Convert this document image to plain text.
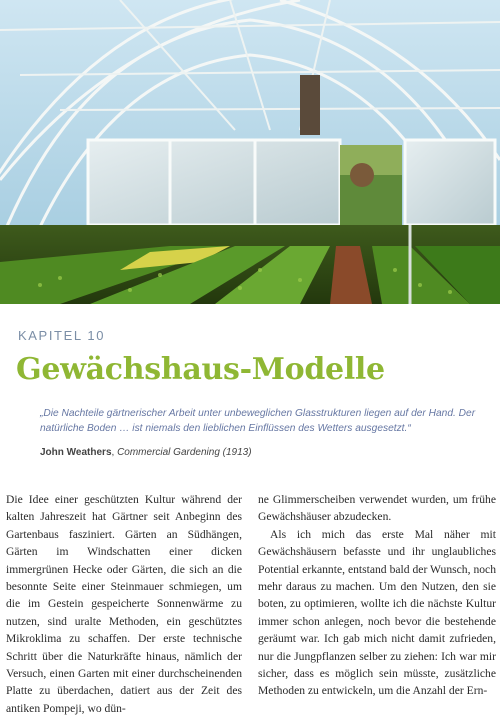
KAPITEL 10
Gewächshaus-Modelle
„Die Nachteile gärtnerischer Arbeit unter unbeweglichen Glasstrukturen liegen auf der Hand. Der natürliche Boden … ist niemals den lieblichen Einflüssen des Wetters ausgesetzt.“
John Weathers, Commercial Gardening (1913)

Die Idee einer geschützten Kultur während der kalten Jahreszeit hat Gärtner seit Anbeginn des Gartenbaus fasziniert. Gärten an Südhängen, Gärten im Windschatten einer dicken immergrünen Hecke oder Gärten, die sich an die besonnte Seite einer Steinmauer schmiegen, um die im Gestein gespeicherte Sonnenwärme zu nutzen, sind uralte Methoden, ein geschütztes Mikroklima zu schaffen. Der erste technische Schritt über die Naturkräfte hinaus, nämlich der Versuch, einen Garten mit einer durchscheinenden Platte zu überdachen, datiert aus der Zeit des antiken Pompeji, wo dün-

ne Glimmerscheiben verwendet wurden, um frühe Gewächshäuser abzudecken.

Als ich mich das erste Mal näher mit Gewächshäusern befasste und ihr unglaubliches Potential erkannte, entstand bald der Wunsch, noch mehr daraus zu machen. Um den Nutzen, den sie boten, zu optimieren, wollte ich die nächste Kultur immer schon anlegen, noch bevor die bestehende geräumt war. Ich gab mich nicht damit zufrieden, nur die Jungpflanzen selber zu ziehen: Ich war mir sicher, dass es möglich sein müsste, zusätzliche Methoden zu entwickeln, um die Anzahl der Ern-
